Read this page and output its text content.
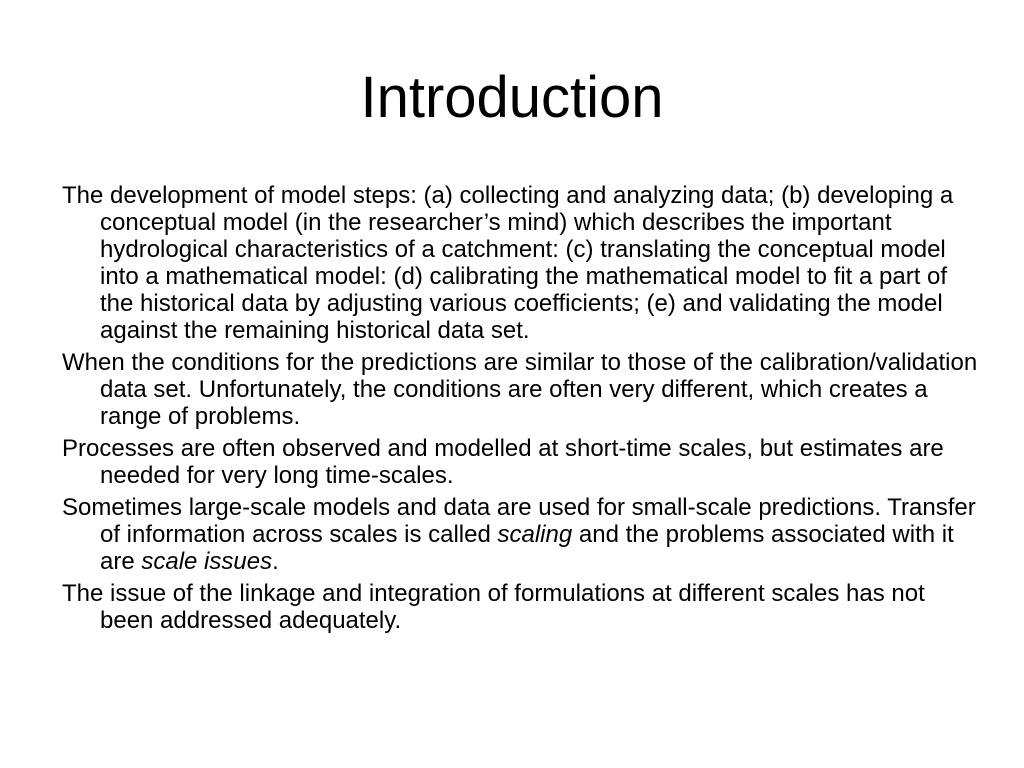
Introduction
The development of model steps: (a) collecting and analyzing data; (b) developing a conceptual model (in the researcher’s mind) which describes the important hydrological characteristics of a catchment: (c) translating the conceptual model into a mathematical model: (d) calibrating the mathematical model to fit a part of the historical data by adjusting various coefficients; (e) and validating the model against the remaining historical data set.
When the conditions for the predictions are similar to those of the calibration/validation data set. Unfortunately, the conditions are often very different, which creates a range of problems.
Processes are often observed and modelled at short-time scales, but estimates are needed for very long time-scales.
Sometimes large-scale models and data are used for small-scale predictions. Transfer of information across scales is called scaling and the problems associated with it are scale issues.
The issue of the linkage and integration of formulations at different scales has not been addressed adequately.
